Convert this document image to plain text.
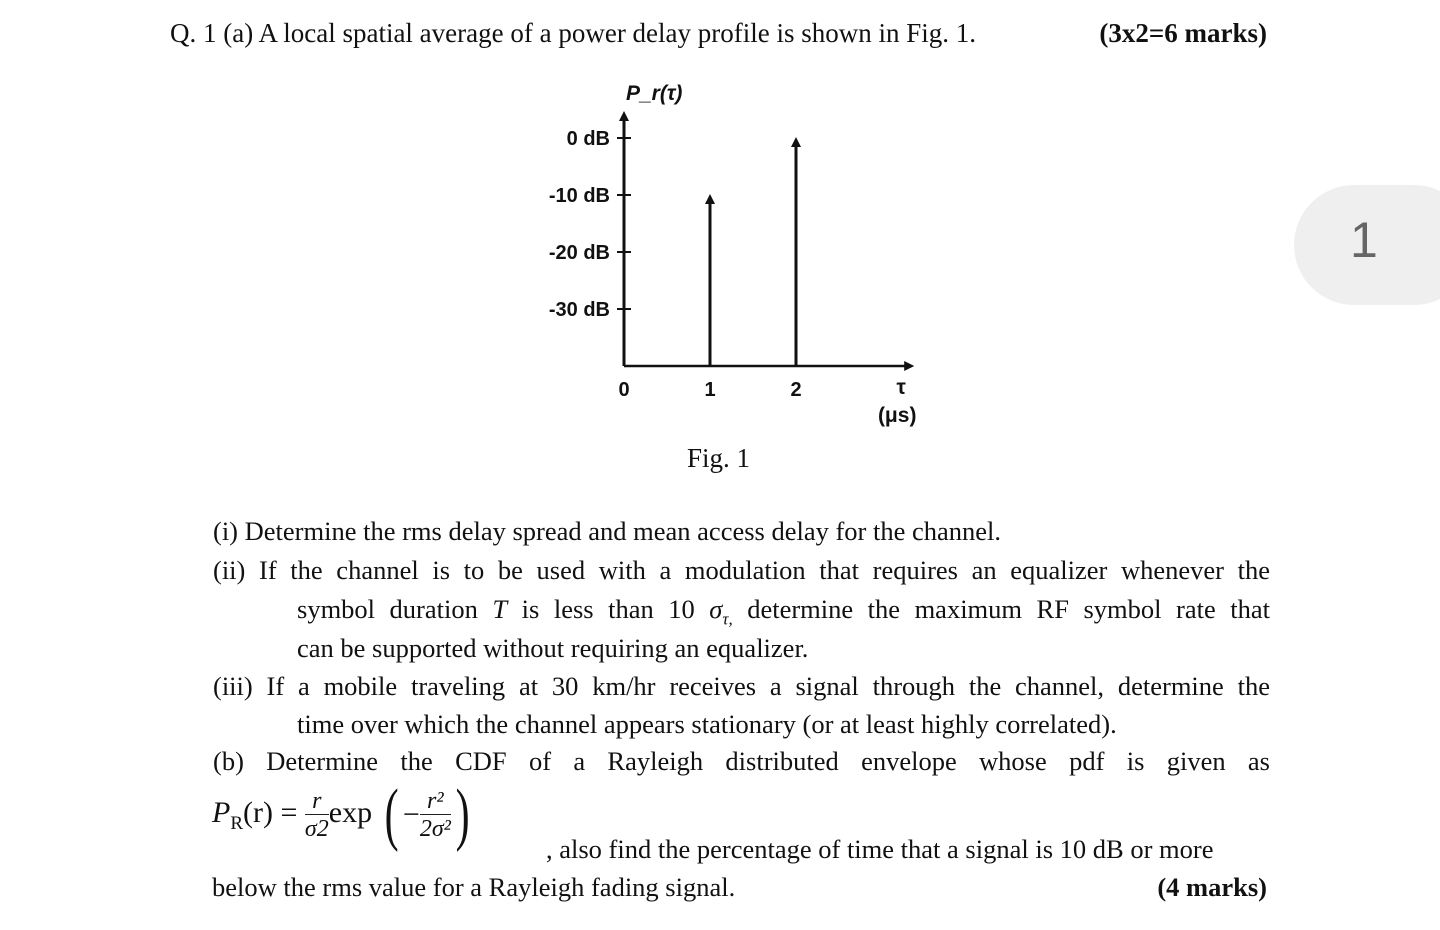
Q. 1 (a) A local spatial average of a power delay profile is shown in Fig. 1.	(3x2=6 marks)
0 dB
-10 dB
-20 dB
-30 dB
0	1	2
P_r(τ)
τ
(μs)
Fig. 1
1
(i) Determine the rms delay spread and mean access delay for the channel.
(ii) If the channel is to be used with a modulation that requires an equalizer whenever the
symbol duration T is less than 10 $\sigma_{\tau,}$ determine the maximum RF symbol rate that
can be supported without requiring an equalizer.
(iii) If a mobile traveling at 30 km/hr receives a signal through the channel, determine the
time over which the channel appears stationary (or at least highly correlated).
(b) Determine the CDF of a Rayleigh distributed envelope whose pdf is given as
$P_R(r) = \frac{r}{\sigma 2}$ exp ( − $\frac{\text{r²}}{\text{2σ²}}$ )	, also find the percentage of time that a signal is 10 dB or more
below the rms value for a Rayleigh fading signal.	(4 marks)
